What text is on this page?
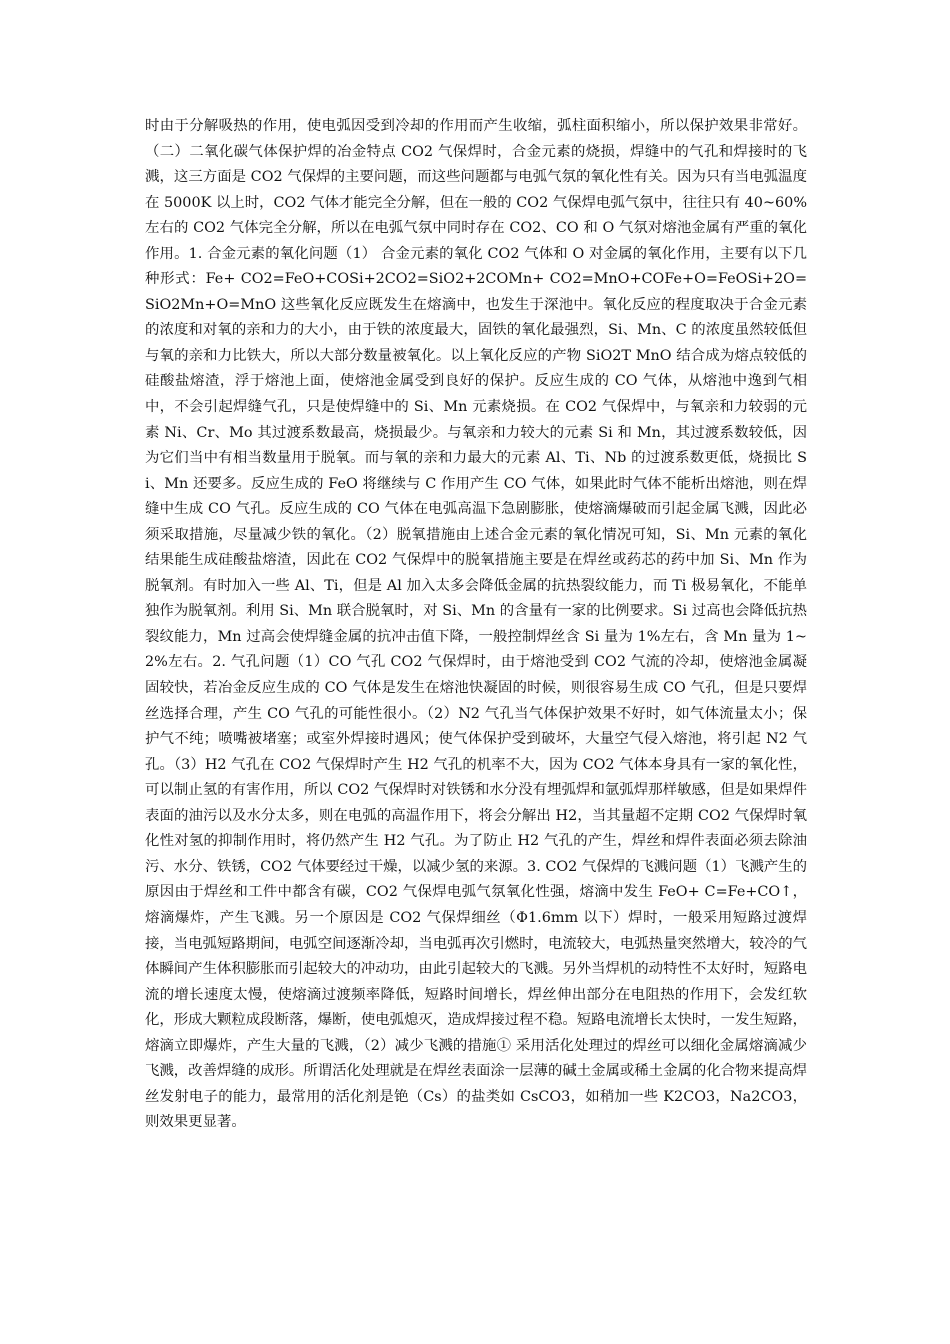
时由于分解吸热的作用，使电弧因受到冷却的作用而产生收缩，弧柱面积缩小，所以保护效果非常好。（二）二氧化碳气体保护焊的冶金特点 CO2 气保焊时，合金元素的烧损，焊缝中的气孔和焊接时的飞溅，这三方面是 CO2 气保焊的主要问题，而这些问题都与电弧气氛的氧化性有关。因为只有当电弧温度在 5000K 以上时，CO2 气体才能完全分解，但在一般的 CO2 气保焊电弧气氛中，往往只有 40~60%左右的 CO2 气体完全分解，所以在电弧气氛中同时存在 CO2、CO 和 O 气氛对熔池金属有严重的氧化作用。1. 合金元素的氧化问题（1） 合金元素的氧化 CO2 气体和 O 对金属的氧化作用，主要有以下几种形式：Fe+ CO2=FeO+COSi+2CO2=SiO2+2COMn+ CO2=MnO+COFe+O=FeOSi+2O=SiO2Mn+O=MnO 这些氧化反应既发生在熔滴中，也发生于深池中。氧化反应的程度取决于合金元素的浓度和对氧的亲和力的大小，由于铁的浓度最大，固铁的氧化最强烈，Si、Mn、C 的浓度虽然较低但与氧的亲和力比铁大，所以大部分数量被氧化。以上氧化反应的产物 SiO2T MnO 结合成为熔点较低的硅酸盐熔渣，浮于熔池上面，使熔池金属受到良好的保护。反应生成的 CO 气体，从熔池中逸到气相中，不会引起焊缝气孔，只是使焊缝中的 Si、Mn 元素烧损。在 CO2 气保焊中，与氧亲和力较弱的元素 Ni、Cr、Mo 其过渡系数最高，烧损最少。与氧亲和力较大的元素 Si 和 Mn，其过渡系数较低，因为它们当中有相当数量用于脱氧。而与氧的亲和力最大的元素 Al、Ti、Nb 的过渡系数更低，烧损比 Si、Mn 还要多。反应生成的 FeO 将继续与 C 作用产生 CO 气体，如果此时气体不能析出熔池，则在焊缝中生成 CO 气孔。反应生成的 CO 气体在电弧高温下急剧膨胀，使熔滴爆破而引起金属飞溅，因此必须采取措施，尽量减少铁的氧化。（2）脱氧措施由上述合金元素的氧化情况可知，Si、Mn 元素的氧化结果能生成硅酸盐熔渣，因此在 CO2 气保焊中的脱氧措施主要是在焊丝或药芯的药中加 Si、Mn 作为脱氧剂。有时加入一些 Al、Ti，但是 Al 加入太多会降低金属的抗热裂纹能力，而 Ti 极易氧化，不能单独作为脱氧剂。利用 Si、Mn 联合脱氧时，对 Si、Mn 的含量有一家的比例要求。Si 过高也会降低抗热裂纹能力，Mn 过高会使焊缝金属的抗冲击值下降，一般控制焊丝含 Si 量为 1%左右，含 Mn 量为 1~2%左右。2. 气孔问题（1）CO 气孔 CO2 气保焊时，由于熔池受到 CO2 气流的冷却，使熔池金属凝固较快，若冶金反应生成的 CO 气体是发生在熔池快凝固的时候，则很容易生成 CO 气孔，但是只要焊丝选择合理，产生 CO 气孔的可能性很小。（2）N2 气孔当气体保护效果不好时，如气体流量太小；保护气不纯；喷嘴被堵塞；或室外焊接时遇风；使气体保护受到破坏，大量空气侵入熔池，将引起 N2 气孔。（3）H2 气孔在 CO2 气保焊时产生 H2 气孔的机率不大，因为 CO2 气体本身具有一家的氧化性，可以制止氢的有害作用，所以 CO2 气保焊时对铁锈和水分没有埋弧焊和氩弧焊那样敏感，但是如果焊件表面的油污以及水分太多，则在电弧的高温作用下，将会分解出 H2，当其量超不定期 CO2 气保焊时氧化性对氢的抑制作用时，将仍然产生 H2 气孔。为了防止 H2 气孔的产生，焊丝和焊件表面必须去除油污、水分、铁锈，CO2 气体要经过干燥，以减少氢的来源。3. CO2 气保焊的飞溅问题（1）飞溅产生的原因由于焊丝和工件中都含有碳，CO2 气保焊电弧气氛氧化性强，熔滴中发生 FeO+ C=Fe+CO↑，熔滴爆炸，产生飞溅。另一个原因是 CO2 气保焊细丝（Φ1.6mm 以下）焊时，一般采用短路过渡焊接，当电弧短路期间，电弧空间逐渐冷却，当电弧再次引燃时，电流较大，电弧热量突然增大，较冷的气体瞬间产生体积膨胀而引起较大的冲动功，由此引起较大的飞溅。另外当焊机的动特性不太好时，短路电流的增长速度太慢，使熔滴过渡频率降低，短路时间增长，焊丝伸出部分在电阻热的作用下，会发红软化，形成大颗粒成段断落，爆断，使电弧熄灭，造成焊接过程不稳。短路电流增长太快时，一发生短路，熔滴立即爆炸，产生大量的飞溅，（2）减少飞溅的措施① 采用活化处理过的焊丝可以细化金属熔滴减少飞溅，改善焊缝的成形。所谓活化处理就是在焊丝表面涂一层薄的碱土金属或稀土金属的化合物来提高焊丝发射电子的能力，最常用的活化剂是铯（Cs）的盐类如 CsCO3，如稍加一些 K2CO3，Na2CO3，则效果更显著。
